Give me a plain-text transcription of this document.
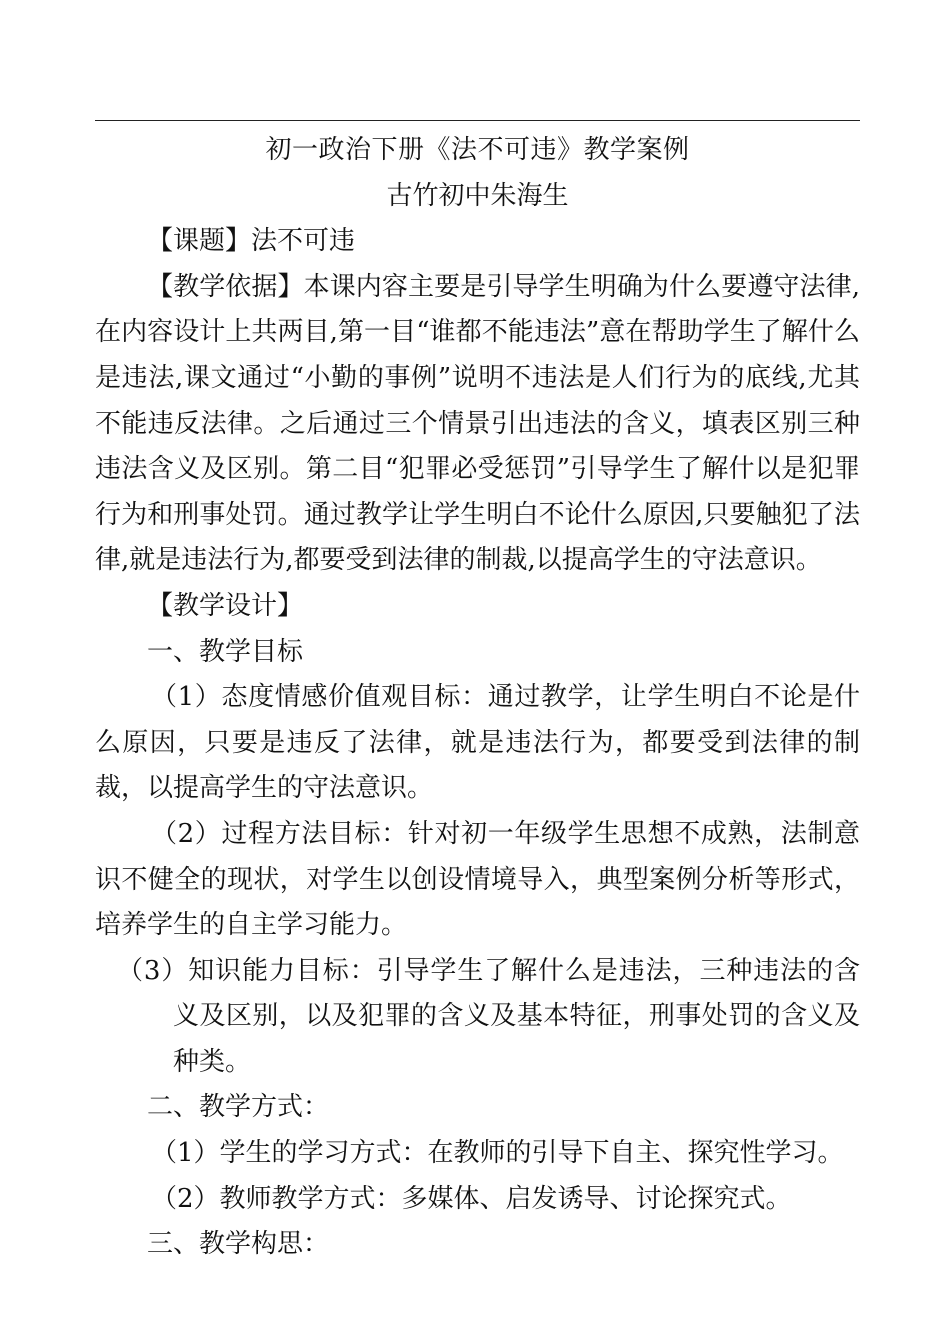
初一政治下册《法不可违》教学案例

古竹初中朱海生

【课题】法不可违

【教学依据】本课内容主要是引导学生明确为什么要遵守法律,在内容设计上共两目,第一目“谁都不能违法”意在帮助学生了解什么是违法,课文通过“小勤的事例”说明不违法是人们行为的底线,尤其不能违反法律。之后通过三个情景引出违法的含义，填表区别三种违法含义及区别。第二目“犯罪必受惩罚”引导学生了解什以是犯罪行为和刑事处罚。通过教学让学生明白不论什么原因,只要触犯了法律,就是违法行为,都要受到法律的制裁,以提高学生的守法意识。

【教学设计】

一、教学目标

（1）态度情感价值观目标：通过教学，让学生明白不论是什么原因，只要是违反了法律，就是违法行为，都要受到法律的制裁，以提高学生的守法意识。

（2）过程方法目标：针对初一年级学生思想不成熟，法制意识不健全的现状，对学生以创设情境导入，典型案例分析等形式，培养学生的自主学习能力。

（3）知识能力目标：引导学生了解什么是违法，三种违法的含义及区别，以及犯罪的含义及基本特征，刑事处罚的含义及种类。

二、教学方式：

（1）学生的学习方式：在教师的引导下自主、探究性学习。

（2）教师教学方式：多媒体、启发诱导、讨论探究式。

三、教学构思：
